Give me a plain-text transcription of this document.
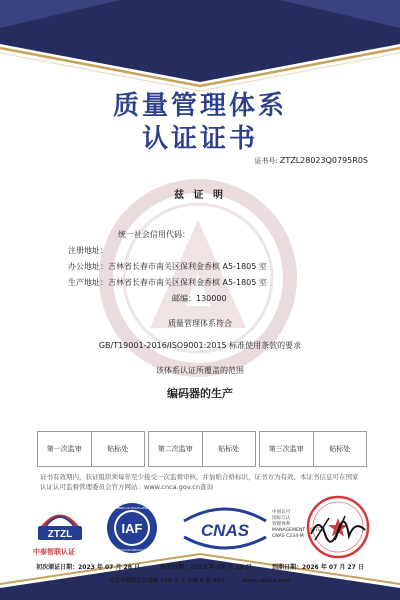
质量管理体系
认证证书
证书号: ZTZL28023Q0795R0S
兹 证 明
统一社会信用代码：
注册地址：
办公地址：吉林省长春市南关区保利金香槟 A5-1805 室
生产地址：吉林省长春市南关区保利金香槟 A5-1805 室
邮编：130000
质量管理体系符合
GB/T19001-2016/ISO9001:2015 标准使用条款的要求
该体系认证所覆盖的范围
编码器的生产
第一次监审	贴标处	第二次监审	贴标处	第三次监审	贴标处
证书有效期内，获证组织须每年至少接受一次监督审核，并加贴合格标识，证书方为有效。本证书信息可在国家
认证认可监督管理委员会官方网站：www.cnca.gov.cn查询
ZTZL
中泰智联认证
IAF
MEMBER OF MULTILATERAL
RECOGNITION ARRANGEMENT
CNAS
中国认可
国际互认
管理体系
MANAGEMENT SYSTEM
CNAS C234-M
初次颁证日期：2023 年 07 月 28 日	签发日期：2023 年 07 月 28 日	到期日期：2026 年 07 月 27 日
北京市朝阳区北苑路 170 号 5 号楼 6 层 602	www.ztzlrz.com
